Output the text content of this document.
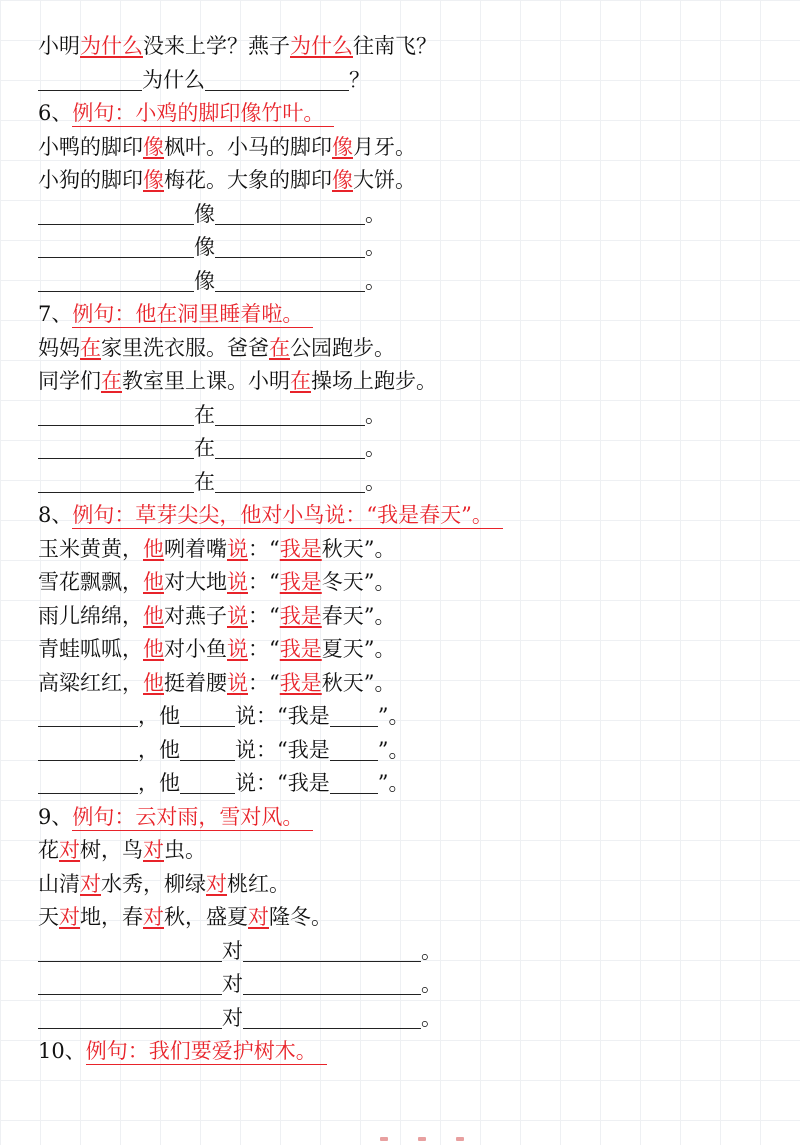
小明为什么没来上学？燕子为什么往南飞？
为什么	？
6、例句：小鸡的脚印像竹叶。
小鸭的脚印像枫叶。小马的脚印像月牙。
小狗的脚印像梅花。大象的脚印像大饼。
像	。
像	。
像	。
7、例句：他在洞里睡着啦。
妈妈在家里洗衣服。爸爸在公园跑步。
同学们在教室里上课。小明在操场上跑步。
在	。
在	。
在	。
8、例句：草芽尖尖，他对小鸟说：“我是春天”。
玉米黄黄，他咧着嘴说：“我是秋天”。
雪花飘飘，他对大地说：“我是冬天”。
雨儿绵绵，他对燕子说：“我是春天”。
青蛙呱呱，他对小鱼说：“我是夏天”。
高粱红红，他挺着腰说：“我是秋天”。
，他	说：“我是 ”。
，他	说：“我是 ”。
，他	说：“我是 ”。
9、例句：云对雨，雪对风。
花对树，鸟对虫。
山清对水秀，柳绿对桃红。
天对地，春对秋，盛夏对隆冬。
对	。
对	。
对	。
10、例句：我们要爱护树木。
